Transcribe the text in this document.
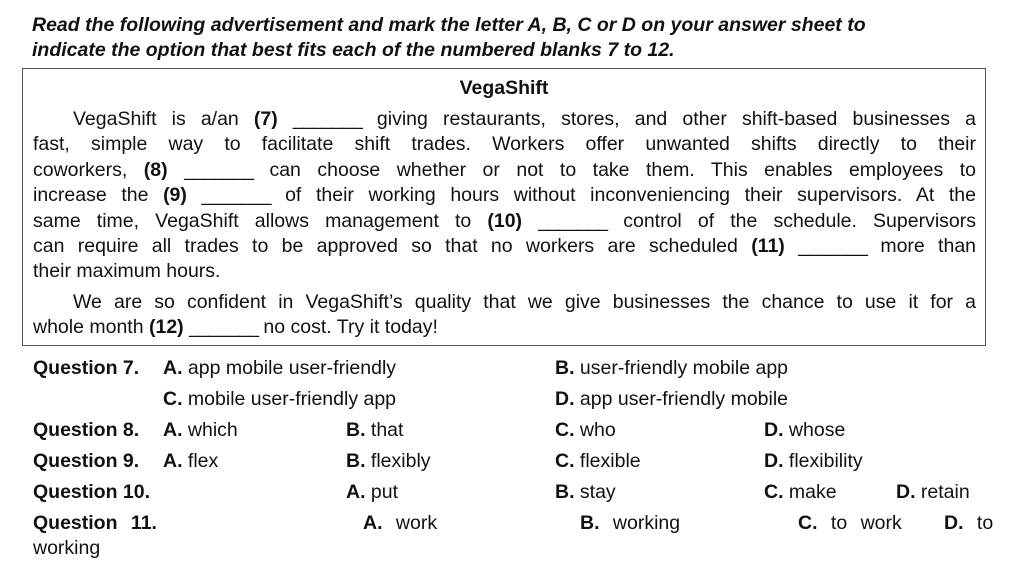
Read the following advertisement and mark the letter A, B, C or D on your answer sheet to
indicate the option that best fits each of the numbered blanks 7 to 12.
VegaShift
VegaShift is a/an (7) _______ giving restaurants, stores, and other shift-based businesses a
fast, simple way to facilitate shift trades. Workers offer unwanted shifts directly to their
coworkers, (8) _______ can choose whether or not to take them. This enables employees to
increase the (9) _______ of their working hours without inconveniencing their supervisors. At the
same time, VegaShift allows management to (10) _______ control of the schedule. Supervisors
can require all trades to be approved so that no workers are scheduled (11) _______ more than
their maximum hours.
We are so confident in VegaShift’s quality that we give businesses the chance to use it for a
whole month (12) _______ no cost. Try it today!
Question 7. A. app mobile user-friendly	B. user-friendly mobile app
C. mobile user-friendly app	D. app user-friendly mobile
Question 8. A. which	B. that	C. who	D. whose
Question 9. A. flex	B. flexibly	C. flexible	D. flexibility
Question 10.	A. put	B. stay	C. make	D. retain
Question 11.	A. work	B. working	C. to work D. to
working
